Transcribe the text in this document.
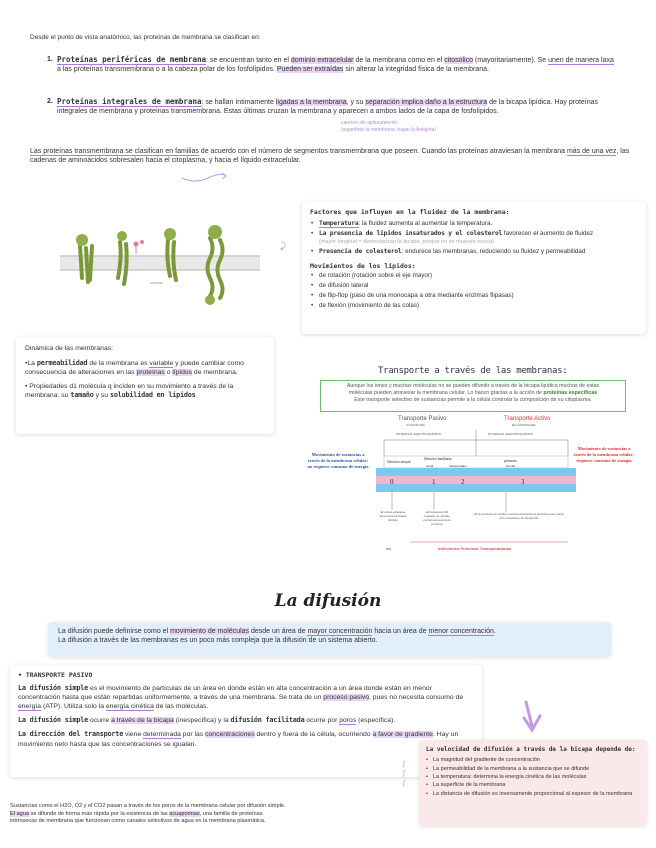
Desde el punto de vista anatómico, las proteínas de membrana se clasifican en:
1. Proteínas periféricas de membrana: se encuentran tanto en el dominio extracelular de la membrana como en el citosólico (mayoritariamente). Se unen de manera laxa a las proteínas transmembrana o a la cabeza polar de los fosfolípidos. Pueden ser extraídas sin alterar la integridad física de la membrana.
2. Proteínas integrales de membrana: se hallan íntimamente ligadas a la membrana, y su separación implica daño a la estructura de la bicapa lipídica. Hay proteínas integrales de membrana y proteínas transmembrana. Estas últimas cruzan la membrana y aparecen a ambos lados de la capa de fosfolípidos.
carecen de aplanamiento
(superficie la membrana, bajan la Antigrita)
Las proteínas transmembrana se clasifican en familias de acuerdo con el número de segmentos transmembrana que poseen. Cuando las proteínas atraviesan la membrana más de una vez, las cadenas de aminoácidos sobresalen hacia el citoplasma, y hacia el líquido extracelular.
CITOSOL
⤸
Factores que influyen en la fluidez de la membrana:
• Temperatura: la fluidez aumenta al aumentar la temperatura.
• La presencia de lípidos insaturados y el colesterol favorecen el aumento de fluidez
(mayor longitud = desmolarizan la bicapa, porque no se mueven nunca)
• Presencia de colesterol: endurece las membranas, reduciendo su fluidez y permeabilidad
Movimientos de los lípidos:
• de rotación (rotación sobre el eje mayor)
• de difusión lateral
• de flip-flop (paso de una monocapa a otra mediante enzimas flipasas)
• de flexión (movimiento de las colas)
Dinámica de las membranas:

•La permeabilidad de la membrana es variable y puede cambiar como consecuencia de alteraciones en las proteínas o lípidos de membrana.

• Propiedades d1 molécula q incíden en su movimiento a través de la membrana: su tamaño y su solubilidad en lípidos

Transporte a través de las membranas:
Aunque los iones y muchas moléculas no se pueden difundir a través de la bicapa lipídica muchas de estas
moléculas pueden atravesar la membrana celular. Lo hacen gracias a la acción de proteínas específicas
Este transporte selectivo de sustancias permite a la célula controlar la composición de su citoplasma.
Transporte Pasivo	Transporte Activo
A FAVOR DEL	EN CONTRA DEL
POTENCIAL ELECTROQUÍMICO	POTENCIAL ELECTROQUÍMICO
Movimiento de sustancias a través de la membrana celular; no requiere consumo de energía
Movimiento de sustancias a través de la membrana celular; requiere consumo de energía
Difusión simple
Difusión facilitada
canal	transportador
primario
bomba
0	1	2	3
El soluto atraviesa libremente la bicapa lipídica
El transporte NO requiere un cambio conformacional de la proteína
El se produce un cambio conformacional de la proteína como parte del mecanismo de transporte
Intervienen Proteínas Transportadoras
eis
La difusión
La difusión puede definirse como el movimiento de moléculas desde un área de mayor concentración hacia un área de menor concentración.
La difusión a través de las membranas es un poco más compleja que la difusión de un sistema abierto.
• TRANSPORTE PASIVO

La difusión simple es el movimiento de partículas de un área en donde están en alta concentración a un área donde están en menor concentración hasta que están repartidas uniformemente, a través de una membrana. Se trata de un proceso pasivo, pues no necesita consumo de energía (ATP). Utiliza solo la energía cinética de las moléculas.

La difusión simple ocurre a través de la bicapa (inespecífica) y la difusión facilitada ocurre por poros (específica).

La dirección del transporte viene determinada por las concentraciones dentro y fuera de la célula, ocurriendo a favor de gradiente. Hay un movimiento neto hasta que las concentraciones se igualan.

∫
∫
∫
La velocidad de difusión a través de la bicapa depende de:
• La magnitud del gradiente de concentración
• La permeabilidad de la membrana a la sustancia que se difunde
• La temperatura: determina la energía cinética de las moléculas
• La superficie de la membrana
• La distancia de difusión es inversamente proporcional al espesor de la membrana
Sustancias como el H2O, O2 y el CO2 pasan a través de los poros de la membrana celular por difusión simple.
El agua se difunde de forma más rápida por la existencia de las acuaporinas, una familia de proteínas
intrínsecas de membrana que funcionan como canales selectivos de agua en la membrana plasmática.
